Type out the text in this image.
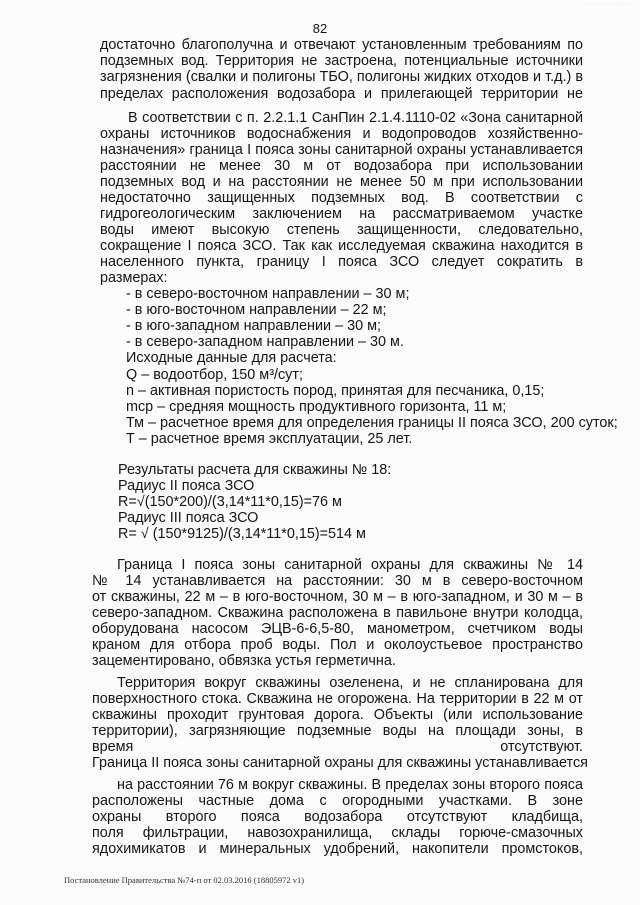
· · · · · · · · · · · · ·
82
достаточно благополучна и отвечают установленным требованиям по
подземных вод. Территория не застроена, потенциальные источники
загрязнения (свалки и полигоны ТБО, полигоны жидких отходов и т.д.) в
пределах расположения водозабора и прилегающей территории не
В соответствии с п. 2.2.1.1 СанПин 2.1.4.1110-02 «Зона санитарной
охраны источников водоснабжения и водопроводов хозяйственно-
назначения» граница I пояса зоны санитарной охраны устанавливается
расстоянии не менее 30 м от водозабора при использовании
подземных вод и на расстоянии не менее 50 м при использовании
недостаточно защищенных подземных вод. В соответствии с
гидрогеологическим заключением на рассматриваемом участке
воды имеют высокую степень защищенности, следовательно,
сокращение I пояса ЗСО. Так как исследуемая скважина находится в
населенного пункта, границу I пояса ЗСО следует сократить в
размерах:
- в северо-восточном направлении – 30 м;
- в юго-восточном направлении – 22 м;
- в юго-западном направлении – 30 м;
- в северо-западном направлении – 30 м.
Исходные данные для расчета:
Q – водоотбор, 150 м³/сут;
n – активная пористость пород, принятая для песчаника, 0,15;
mср – средняя мощность продуктивного горизонта, 11 м;
Тм – расчетное время для определения границы II пояса ЗСО, 200 суток;
Т – расчетное время эксплуатации, 25 лет.
Результаты расчета для скважины № 18:
Радиус II пояса ЗСО
R=√(150*200)/(3,14*11*0,15)=76 м
Радиус III пояса ЗСО
R= √ (150*9125)/(3,14*11*0,15)=514 м
Граница I пояса зоны санитарной охраны для скважины № 14
№ 14 устанавливается на расстоянии: 30 м в северо-восточном
от скважины, 22 м – в юго-восточном, 30 м – в юго-западном, и 30 м – в
северо-западном. Скважина расположена в павильоне внутри колодца,
оборудована насосом ЭЦВ-6-6,5-80, манометром, счетчиком воды
краном для отбора проб воды. Пол и околоустьевое пространство
зацементировано, обвязка устья герметична.
Территория вокруг скважины озеленена, и не спланирована для
поверхностного стока. Скважина не огорожена. На территории в 22 м от
скважины проходит грунтовая дорога. Объекты (или использование
территории), загрязняющие подземные воды на площади зоны, в
время отсутствуют.
Граница II пояса зоны санитарной охраны для скважины устанавливается
на расстоянии 76 м вокруг скважины. В пределах зоны второго пояса
расположены частные дома с огородными участками. В зоне
охраны второго пояса водозабора отсутствуют кладбища,
поля фильтрации, навозохранилища, склады горюче-смазочных
ядохимикатов и минеральных удобрений, накопители промстоков,
Постановление Правительства №74-п от 02.03.2016 (18805972 v1)
